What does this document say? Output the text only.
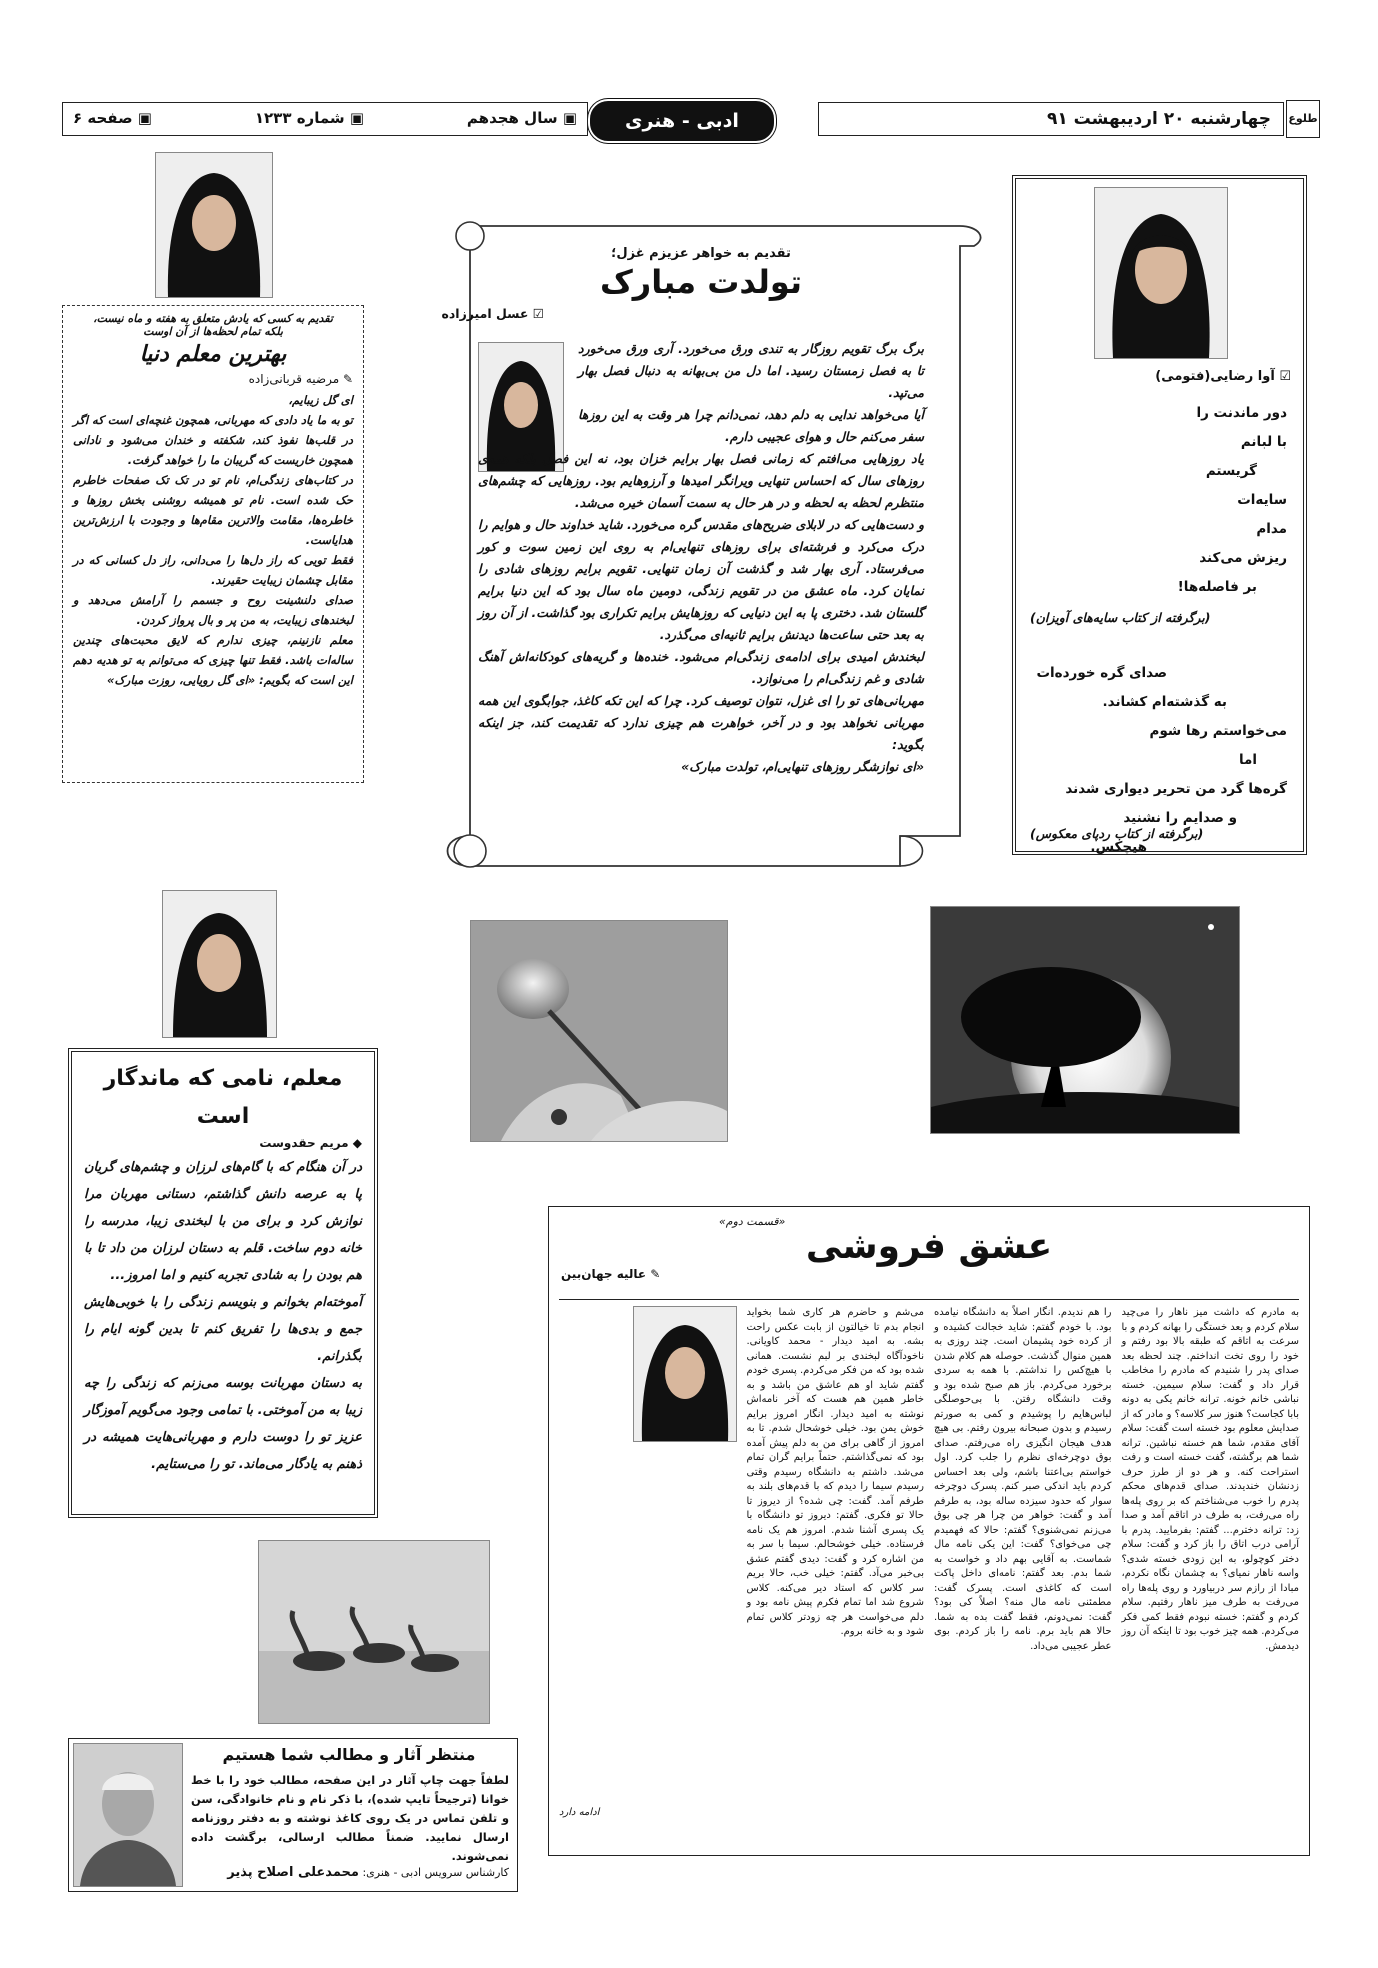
چهارشنبه ۲۰ اردیبهشت ۹۱	طلوع
ادبی - هنری
▣ سال هجدهم
▣ شماره ۱۲۳۳
▣ صفحه ۶
☑ آوا رضایی(فتومی)

دور ماندنت را

با لبانم

گریستم

سایه‌ات

مدام

ریزش می‌کند

بر فاصله‌ها!

(برگرفته از کتاب سایه‌های آویزان)

صدای گره خورده‌ات

به گذشته‌ام کشاند.

می‌خواستم رها شوم

اما

گره‌ها گرد من تحریر دیواری شدند

و صدایم را نشنید

هیچکس.

(برگرفته از کتاب ردپای معکوس)

تقدیم به خواهر عزیزم غزل؛

تولدت مبارک

☑ عسل امیرزاده

برگ برگ تقویم روزگار به تندی ورق می‌خورد. آری ورق می‌خورد تا به فصل زمستان رسید. اما دل من بی‌بهانه به دنبال فصل بهار می‌تپد.

آیا می‌خواهد ندایی به دلم دهد، نمی‌دانم چرا هر وقت به این روزها سفر می‌کنم حال و هوای عجیبی دارم.

یاد روزهایی می‌افتم که زمانی فصل بهار برایم خزان بود، نه این فصل بلکه همه‌ی روزهای سال که احساس تنهایی ویرانگر امیدها و آرزوهایم بود. روزهایی که چشم‌های منتظرم لحظه به لحظه و در هر حال به سمت آسمان خیره می‌شد.

و دست‌هایی که در لابلای ضریح‌های مقدس گره می‌خورد. شاید خداوند حال و هوایم را درک می‌کرد و فرشته‌ای برای روزهای تنهایی‌ام به روی این زمین سوت و کور می‌فرستاد. آری بهار شد و گذشت آن زمان تنهایی. تقویم برایم روزهای شادی را نمایان کرد. ماه عشق من در تقویم زندگی، دومین ماه سال بود که این دنیا برایم گلستان شد. دختری پا به این دنیایی که روزهایش برایم تکراری بود گذاشت. از آن روز به بعد حتی ساعت‌ها دیدنش برایم ثانیه‌ای می‌گذرد.

لبخندش امیدی برای ادامه‌ی زندگی‌ام می‌شود. خنده‌ها و گریه‌های کودکانه‌اش آهنگ شادی و غم زندگی‌ام را می‌نوازد.

مهربانی‌های تو را ای غزل، نتوان توصیف کرد. چرا که این تکه کاغذ، جوابگوی این همه مهربانی نخواهد بود و در آخر، خواهرت هم چیزی ندارد که تقدیمت کند، جز اینکه بگوید:

«ای نوازشگر روزهای تنهایی‌ام، تولدت مبارک»

تقدیم به کسی که یادش متعلق به هفته و ماه نیست،

بلکه تمام لحظه‌ها از آن اوست

بهترین معلم دنیا

✎ مرضیه قربانی‌زاده

ای گل زیبایم،

تو به ما یاد دادی که مهربانی، همچون غنچه‌ای است که اگر در قلب‌ها نفوذ کند، شکفته و خندان می‌شود و نادانی همچون خاریست که گریبان ما را خواهد گرفت.

در کتاب‌های زندگی‌ام، نام تو در تک تک صفحات خاطرم حک شده است. نام تو همیشه روشنی بخش روزها و خاطره‌ها، مقامت والاترین مقام‌ها و وجودت با ارزش‌ترین هدایاست.

فقط تویی که راز دل‌ها را می‌دانی، راز دل کسانی که در مقابل چشمان زیبایت حقیرند.

صدای دلنشینت روح و جسمم را آرامش می‌دهد و لبخندهای زیبایت، به من پر و بال پرواز کردن.

معلم نازنینم، چیزی ندارم که لایق محبت‌های چندین ساله‌ات باشد. فقط تنها چیزی که می‌توانم به تو هدیه دهم این است که بگویم: «ای گل رویایی، روزت مبارک»

معلم، نامی که ماندگار است

◆ مریم حقدوست

در آن هنگام که با گام‌های لرزان و چشم‌های گریان پا به عرصه دانش گذاشتم، دستانی مهربان مرا نوازش کرد و برای من با لبخندی زیبا، مدرسه را خانه دوم ساخت. قلم به دستان لرزان من داد تا با هم بودن را به شادی تجربه کنیم و اما امروز...

آموخته‌ام بخوانم و بنویسم زندگی را با خوبی‌هایش جمع و بدی‌ها را تفریق کنم تا بدین گونه ایام را بگذرانم.

به دستان مهربانت بوسه می‌زنم که زندگی را چه زیبا به من آموختی. با تمامی وجود می‌گویم آموزگار عزیز تو را دوست دارم و مهربانی‌هایت همیشه در ذهنم به یادگار می‌ماند. تو را می‌ستایم.

منتظر آثار و مطالب شما هستیم

لطفاً جهت چاپ آثار در این صفحه، مطالب خود را با خط خوانا (ترجیحاً تایپ شده)، با ذکر نام و نام خانوادگی، سن و تلفن تماس در یک روی کاغذ نوشته و به دفتر روزنامه ارسال نمایید. ضمناً مطالب ارسالی، برگشت داده نمی‌شوند.

کارشناس سرویس ادبی - هنری: محمدعلی اصلاح پذیر

«قسمت دوم»

عشق فروشی

✎ عالیه جهان‌بین

به مادرم که داشت میز ناهار را می‌چید سلام کردم و بعد خستگی را بهانه کردم و با سرعت به اتاقم که طبقه بالا بود رفتم و خود را روی تخت انداختم. چند لحظه بعد صدای پدر را شنیدم که مادرم را مخاطب قرار داد و گفت: سلام سیمین. خسته نباشی خانم خونه. ترانه خانم یکی به دونه بابا کجاست؟ هنوز سر کلاسه؟ و مادر که از صدایش معلوم بود خسته است گفت: سلام آقای مقدم، شما هم خسته نباشین. ترانه شما هم برگشته، گفت خسته است و رفت استراحت کنه. و هر دو از طرز حرف زدنشان خندیدند. صدای قدم‌های محکم پدرم را خوب می‌شناختم که بر روی پله‌ها راه می‌رفت، به طرف در اتاقم آمد و صدا زد: ترانه دخترم... گفتم: بفرمایید. پدرم با آرامی درب اتاق را باز کرد و گفت: سلام دختر کوچولو، به این زودی خسته شدی؟ واسه ناهار نمیای؟ به چشمان نگاه نکردم، مبادا از رازم سر دربیاورد و روی پله‌ها راه می‌رفت به طرف میز ناهار رفتیم. سلام کردم و گفتم: خسته نبودم فقط کمی فکر می‌کردم. همه چیز خوب بود تا اینکه آن روز دیدمش.

را هم ندیدم. انگار اصلاً به دانشگاه نیامده بود. با خودم گفتم: شاید خجالت کشیده و از کرده خود پشیمان است. چند روزی به همین منوال گذشت. حوصله هم کلام شدن با هیچ‌کس را نداشتم. با همه به سردی برخورد می‌کردم. باز هم صبح شده بود و وقت دانشگاه رفتن. با بی‌حوصلگی لباس‌هایم را پوشیدم و کمی به صورتم رسیدم و بدون صبحانه بیرون رفتم. بی هیچ هدف هیجان انگیزی راه می‌رفتم. صدای بوق دوچرخه‌ای نظرم را جلب کرد. اول خواستم بی‌اعتنا باشم، ولی بعد احساس کردم باید اندکی صبر کنم. پسرک دوچرخه سوار که حدود سیزده ساله بود، به طرفم آمد و گفت: خواهر من چرا هر چی بوق می‌زنم نمی‌شنوی؟ گفتم: حالا که فهمیدم چی می‌خوای؟ گفت: این یکی نامه مال شماست. به آقایی بهم داد و خواست به شما بدم. بعد گفتم: نامه‌ای داخل پاکت است که کاغذی است. پسرک گفت: مطمئنی نامه مال منه؟ اصلاً کی بود؟ گفت: نمی‌دونم، فقط گفت بده به شما. حالا هم باید برم. نامه را باز کردم. بوی عطر عجیبی می‌داد.

می‌شم و حاضرم هر کاری شما بخواید انجام بدم تا خیالتون از بابت عکس راحت بشه. به امید دیدار - محمد کاویانی. ناخودآگاه لبخندی بر لبم نشست. همانی شده بود که من فکر می‌کردم. پسری خودم گفتم شاید او هم عاشق من باشد و به خاطر همین هم هست که آخر نامه‌اش نوشته به امید دیدار. انگار امروز برایم خوش یمن بود. خیلی خوشحال شدم. تا به امروز از گاهی برای من به دلم پیش آمده بود که نمی‌گذاشتم. حتماً برایم گران تمام می‌شد. داشتم به دانشگاه رسیدم وقتی رسیدم سیما را دیدم که با قدم‌های بلند به طرفم آمد. گفت: چی شده؟ از دیروز تا حالا تو فکری. گفتم: دیروز تو دانشگاه با یک پسری آشنا شدم. امروز هم یک نامه فرستاده. خیلی خوشحالم. سیما با سر به من اشاره کرد و گفت: دیدی گفتم عشق بی‌خبر می‌آد. گفتم: خیلی خب، حالا بریم سر کلاس که استاد دیر می‌کنه. کلاس شروع شد اما تمام فکرم پیش نامه بود و دلم می‌خواست هر چه زودتر کلاس تمام شود و به خانه بروم.

ادامه دارد
